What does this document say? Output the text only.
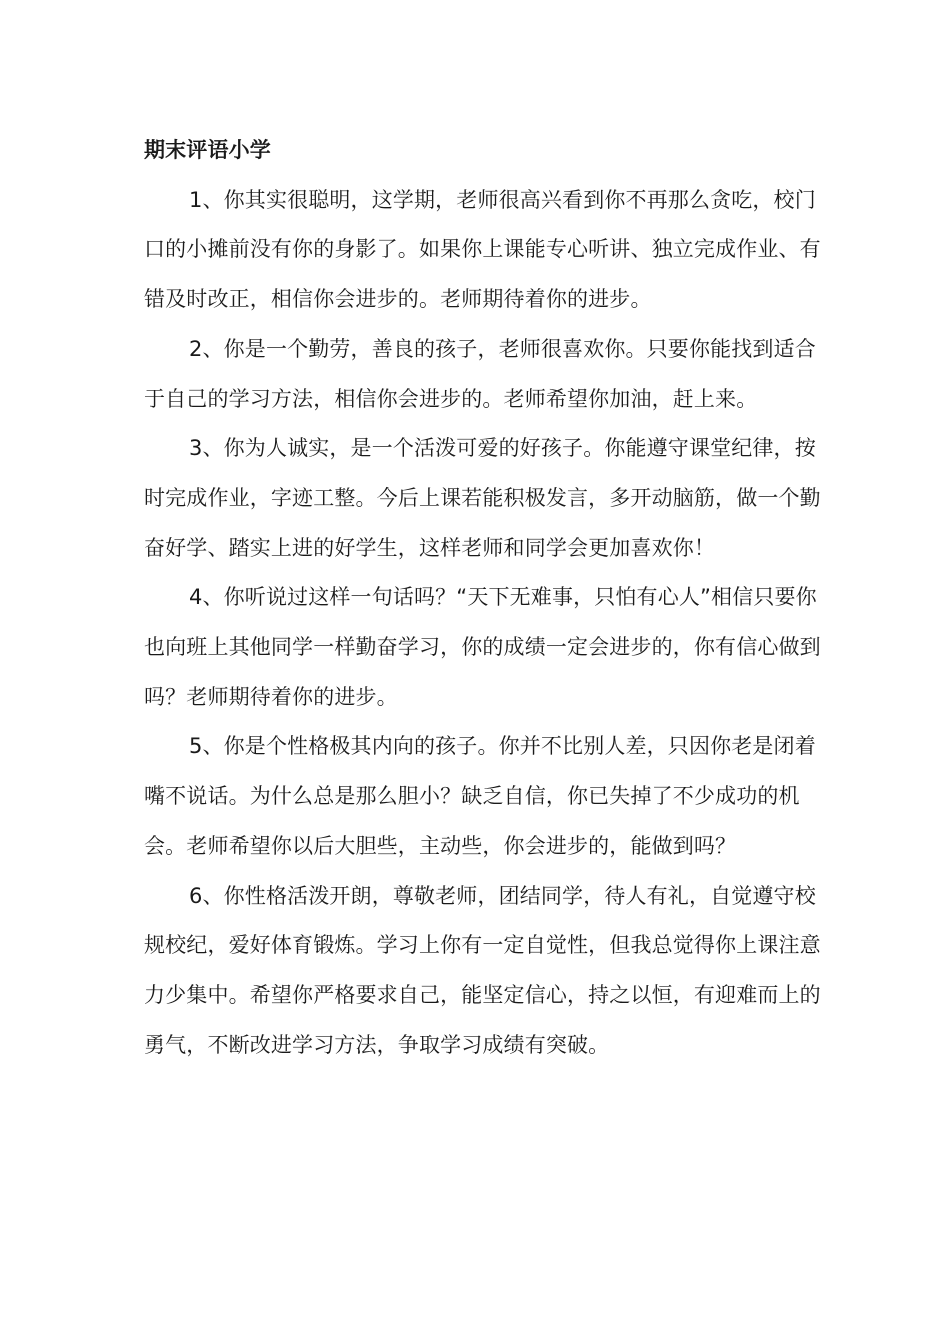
期末评语小学

1、你其实很聪明，这学期，老师很高兴看到你不再那么贪吃，校门口的小摊前没有你的身影了。如果你上课能专心听讲、独立完成作业、有错及时改正，相信你会进步的。老师期待着你的进步。

2、你是一个勤劳，善良的孩子，老师很喜欢你。只要你能找到适合于自己的学习方法，相信你会进步的。老师希望你加油，赶上来。

3、你为人诚实，是一个活泼可爱的好孩子。你能遵守课堂纪律，按时完成作业，字迹工整。今后上课若能积极发言，多开动脑筋，做一个勤奋好学、踏实上进的好学生，这样老师和同学会更加喜欢你！

4、你听说过这样一句话吗？“天下无难事，只怕有心人”相信只要你也向班上其他同学一样勤奋学习，你的成绩一定会进步的，你有信心做到吗？老师期待着你的进步。

5、你是个性格极其内向的孩子。你并不比别人差，只因你老是闭着嘴不说话。为什么总是那么胆小？缺乏自信，你已失掉了不少成功的机会。老师希望你以后大胆些，主动些，你会进步的，能做到吗？

6、你性格活泼开朗，尊敬老师，团结同学，待人有礼，自觉遵守校规校纪，爱好体育锻炼。学习上你有一定自觉性，但我总觉得你上课注意力少集中。希望你严格要求自己，能坚定信心，持之以恒，有迎难而上的勇气，不断改进学习方法，争取学习成绩有突破。
